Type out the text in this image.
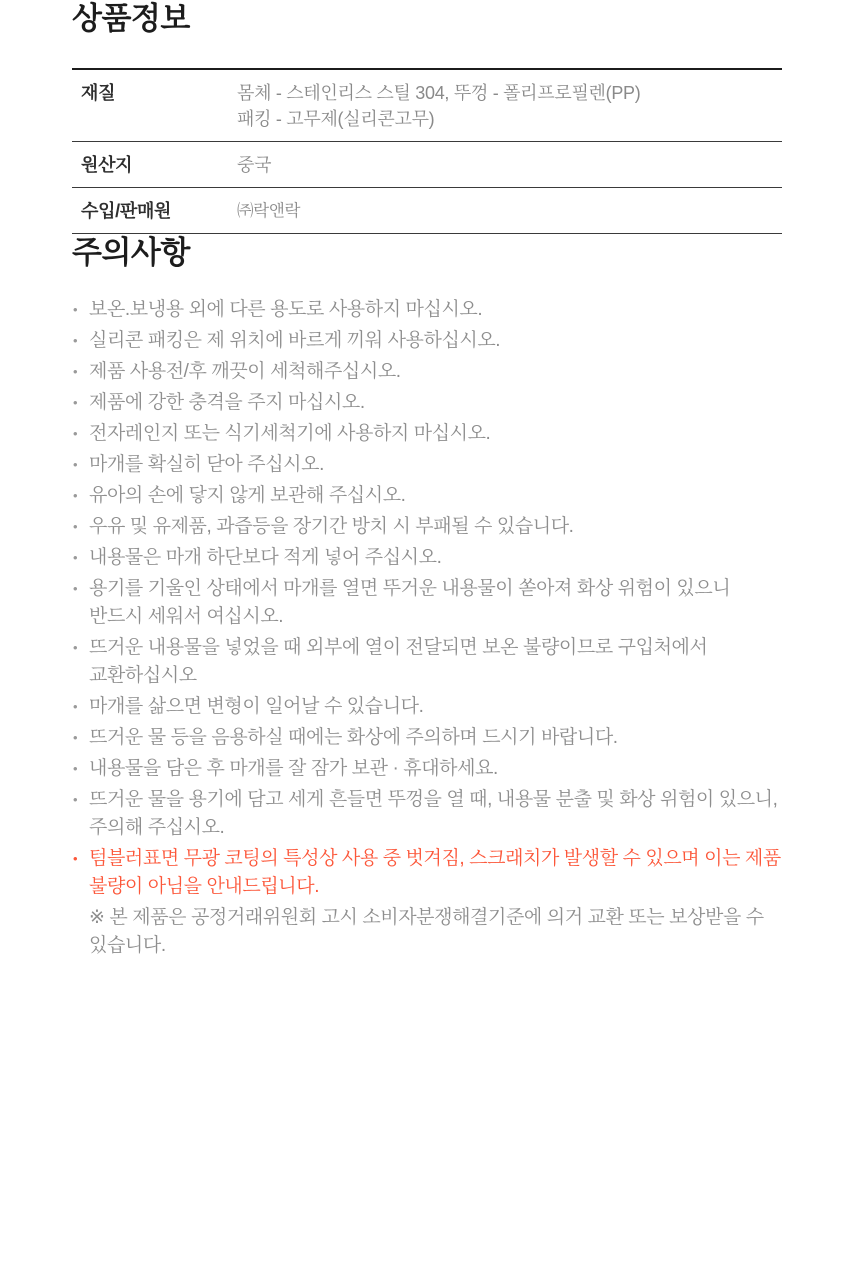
상품정보
재질	몸체 - 스테인리스 스틸 304, 뚜껑 - 폴리프로필렌(PP)
패킹 - 고무제(실리콘고무)
원산지	중국
수입/판매원	㈜락앤락
주의사항
• 보온.보냉용 외에 다른 용도로 사용하지 마십시오.
• 실리콘 패킹은 제 위치에 바르게 끼워 사용하십시오.
• 제품 사용전/후 깨끗이 세척해주십시오.
• 제품에 강한 충격을 주지 마십시오.
• 전자레인지 또는 식기세척기에 사용하지 마십시오.
• 마개를 확실히 닫아 주십시오.
• 유아의 손에 닿지 않게 보관해 주십시오.
• 우유 및 유제품, 과즙등을 장기간 방치 시 부패될 수 있습니다.
• 내용물은 마개 하단보다 적게 넣어 주십시오.
• 용기를 기울인 상태에서 마개를 열면 뚜거운 내용물이 쏟아져 화상 위험이 있으니 반드시 세워서 여십시오.
• 뜨거운 내용물을 넣었을 때 외부에 열이 전달되면 보온 불량이므로 구입처에서 교환하십시오
• 마개를 삶으면 변형이 일어날 수 있습니다.
• 뜨거운 물 등을 음용하실 때에는 화상에 주의하며 드시기 바랍니다.
• 내용물을 담은 후 마개를 잘 잠가 보관 · 휴대하세요.
• 뜨거운 물을 용기에 담고 세게 흔들면 뚜껑을 열 때, 내용물 분출 및 화상 위험이 있으니, 주의해 주십시오.
• 텀블러표면 무광 코팅의 특성상 사용 중 벗겨짐, 스크래치가 발생할 수 있으며 이는 제품 불량이 아님을 안내드립니다.
※ 본 제품은 공정거래위원회 고시 소비자분쟁해결기준에 의거 교환 또는 보상받을 수 있습니다.
